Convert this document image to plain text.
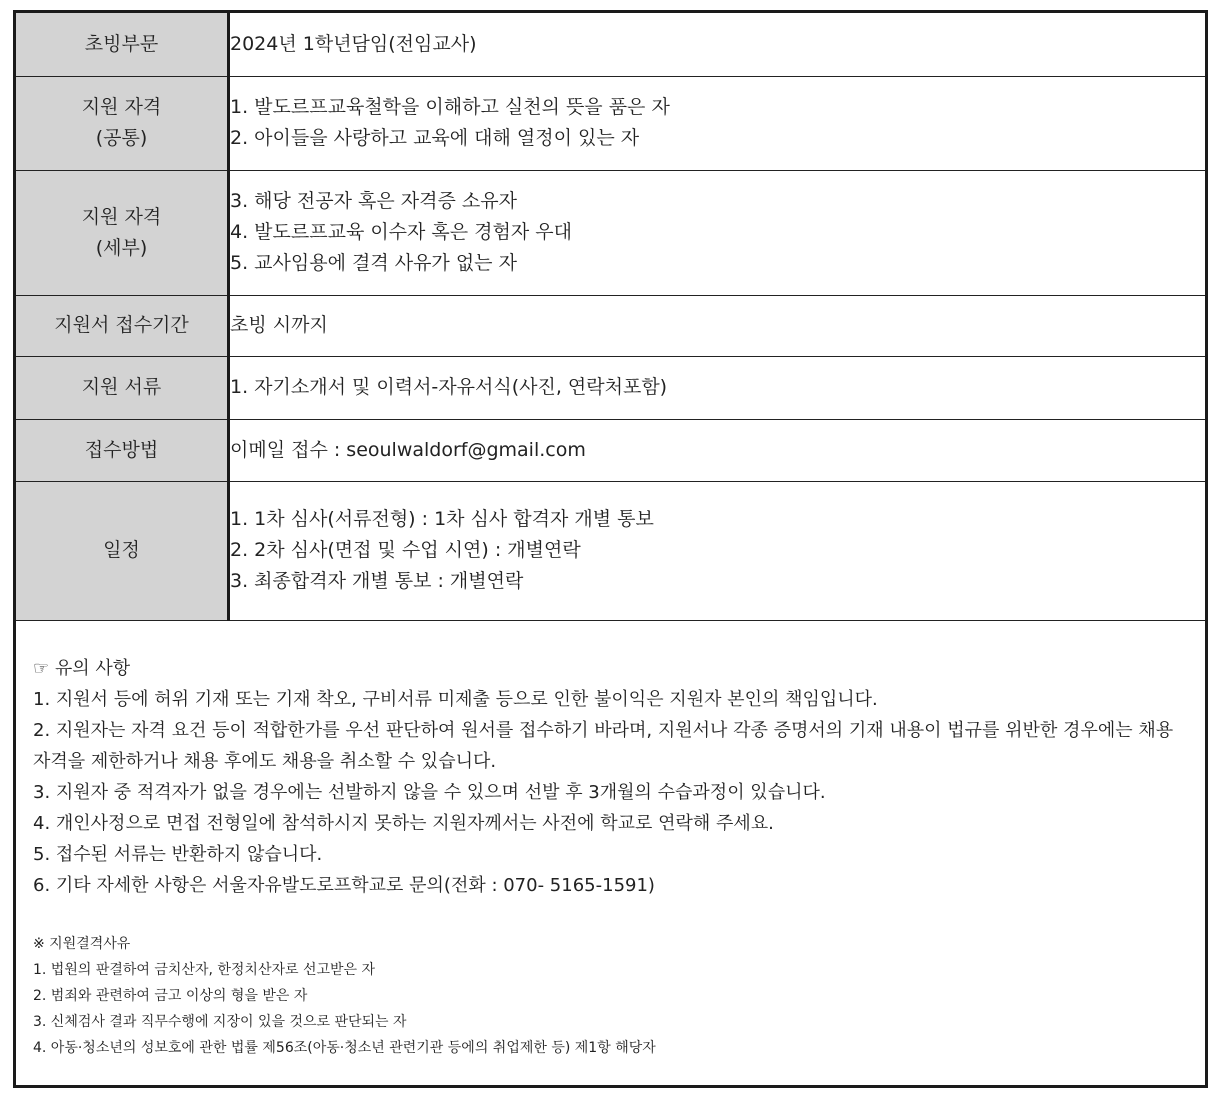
초빙부문	2024년 1학년담임(전임교사)

지원 자격
(공통)	1. 발도르프교육철학을 이해하고 실천의 뜻을 품은 자
2. 아이들을 사랑하고 교육에 대해 열정이 있는 자

지원 자격
(세부)	3. 해당 전공자 혹은 자격증 소유자
4. 발도르프교육 이수자 혹은 경험자 우대
5. 교사임용에 결격 사유가 없는 자

지원서 접수기간	초빙 시까지

지원 서류	1. 자기소개서 및 이력서-자유서식(사진, 연락처포함)

접수방법	이메일 접수 : seoulwaldorf@gmail.com

일정	1. 1차 심사(서류전형) : 1차 심사 합격자 개별 통보
2. 2차 심사(면접 및 수업 시연) : 개별연락
3. 최종합격자 개별 통보 : 개별연락
☞ 유의 사항
1. 지원서 등에 허위 기재 또는 기재 착오, 구비서류 미제출 등으로 인한 불이익은 지원자 본인의 책임입니다.
2. 지원자는 자격 요건 등이 적합한가를 우선 판단하여 원서를 접수하기 바라며, 지원서나 각종 증명서의 기재 내용이 법규를 위반한 경우에는 채용
자격을 제한하거나 채용 후에도 채용을 취소할 수 있습니다.
3. 지원자 중 적격자가 없을 경우에는 선발하지 않을 수 있으며 선발 후 3개월의 수습과정이 있습니다.
4. 개인사정으로 면접 전형일에 참석하시지 못하는 지원자께서는 사전에 학교로 연락해 주세요.
5. 접수된 서류는 반환하지 않습니다.
6. 기타 자세한 사항은 서울자유발도로프학교로 문의(전화 : 070- 5165-1591)
※ 지원결격사유
1. 법원의 판결하여 금치산자, 한정치산자로 선고받은 자
2. 범죄와 관련하여 금고 이상의 형을 받은 자
3. 신체검사 결과 직무수행에 지장이 있을 것으로 판단되는 자
4. 아동·청소년의 성보호에 관한 법률 제56조(아동·청소년 관련기관 등에의 취업제한 등) 제1항 해당자
